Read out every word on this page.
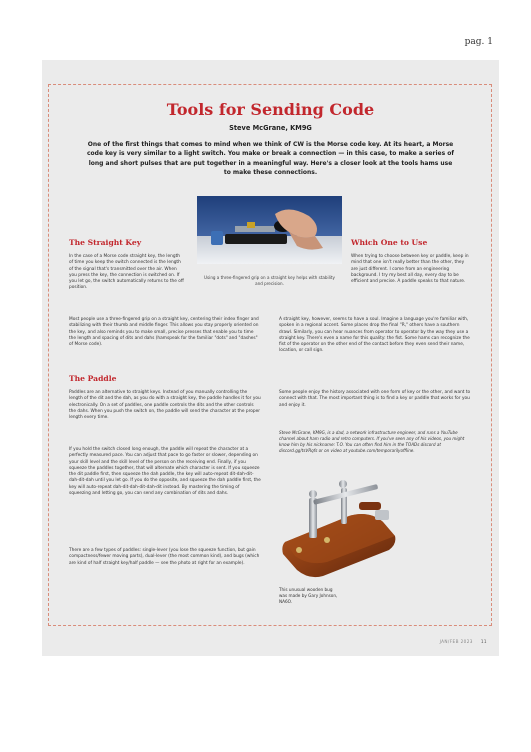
pag. 1
Tools for Sending Code
Steve McGrane, KM9G
One of the first things that comes to mind when we think of CW is the Morse code key. At its heart, a Morse code key is very similar to a light switch. You make or break a connection — in this case, to make a series of long and short pulses that are put together in a meaningful way. Here's a closer look at the tools hams use to make these connections.
Using a three-fingered grip on a straight key helps with stability and precision.
The Straight Key

In the case of a Morse code straight key, the length of time you keep the switch connected is the length of the signal that's transmitted over the air. When you press the key, the connection is switched on. If you let go, the switch automatically returns to the off position.

Most people use a three-fingered grip on a straight key, centering their index finger and stabilizing with their thumb and middle finger. This allows you stay properly oriented on the key, and also reminds you to make small, precise presses that enable you to time the length and spacing of dits and dahs (hamspeak for the familiar "dots" and "dashes" of Morse code).

The Paddle

Paddles are an alternative to straight keys. Instead of you manually controlling the length of the dit and the dah, as you do with a straight key, the paddle handles it for you electronically. On a set of paddles, one paddle controls the dits and the other controls the dahs. When you push the switch on, the paddle will send the character at the proper length every time.

If you hold the switch closed long enough, the paddle will repeat the character at a perfectly measured pace. You can adjust that pace to go faster or slower, depending on your skill level and the skill level of the person on the receiving end. Finally, if you squeeze the paddles together, that will alternate which character is sent. If you squeeze the dit paddle first, then squeeze the dah paddle, the key will auto-repeat dit-dah-dit-dah-dit-dah until you let go. If you do the opposite, and squeeze the dah paddle first, the key will auto-repeat dah-dit-dah-dit-dah-dit instead. By mastering the timing of squeezing and letting go, you can send any combination of dits and dahs.

There are a few types of paddles: single-lever (you lose the squeeze function, but gain compactness/fewer moving parts), dual-lever (the most common kind), and bugs (which are kind of half straight key/half paddle — see the photo at right for an example).

Which One to Use

When trying to choose between key or paddle, keep in mind that one isn't really better than the other, they are just different. I come from an engineering background. I try my best all day, every day to be efficient and precise. A paddle speaks to that nature.

A straight key, however, seems to have a soul. Imagine a language you're familiar with, spoken in a regional accent. Some places drop the final "R," others have a southern drawl. Similarly, you can hear nuances from operator to operator by the way they use a straight key. There's even a name for this quality: the fist. Some hams can recognize the fist of the operator on the other end of the contact before they even send their name, location, or call sign.

Some people enjoy the history associated with one form of key or the other, and want to connect with that. The most important thing is to find a key or paddle that works for you and enjoy it.

Steve McGrane, KM9G, is a dad, a network infrastructure engineer, and runs a YouTube channel about ham radio and retro computers. If you've seen any of his videos, you might know him by his nickname: T.O. You can often find him in the TOADs discord at discord.gg/tsVRqfs or on video at youtube.com/temporarilyoffline.

This unusual wooden bug was made by Gary Johnson, NA6O.
JAN/FEB 2023 11
